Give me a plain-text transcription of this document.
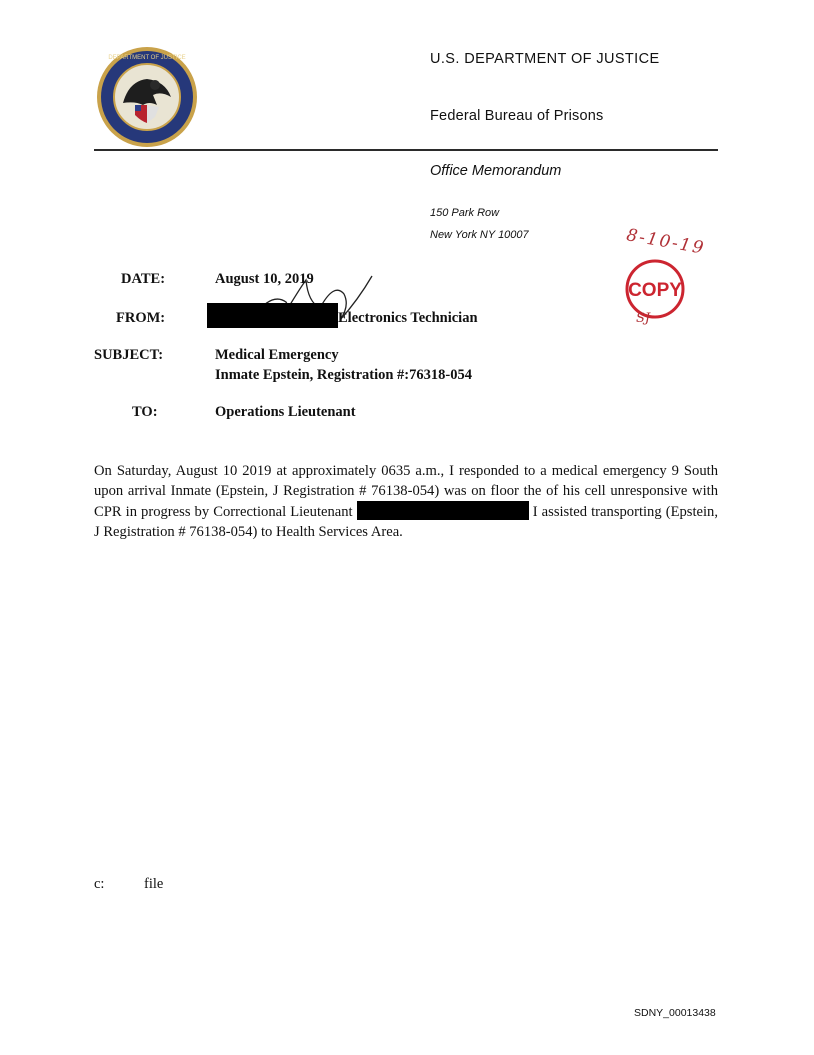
DEPARTMENT OF JUSTICE	U.S. DEPARTMENT OF JUSTICE
Federal Bureau of Prisons
Office Memorandum
150 Park Row
New York NY 10007	8-10-19
COPY
SJ
DATE:	August 10, 2019
FROM:	Electronics Technician
SUBJECT:	Medical Emergency
Inmate Epstein, Registration #:76318-054
TO:	Operations Lieutenant
On Saturday, August 10 2019 at approximately 0635 a.m., I responded to a medical emergency 9 South upon arrival Inmate (Epstein, J Registration # 76138-054) was on floor the of his cell unresponsive with CPR in progress by Correctional Lieutenant	I assisted transporting (Epstein, J Registration # 76138-054) to Health Services Area.
c:	file
SDNY_00013438
